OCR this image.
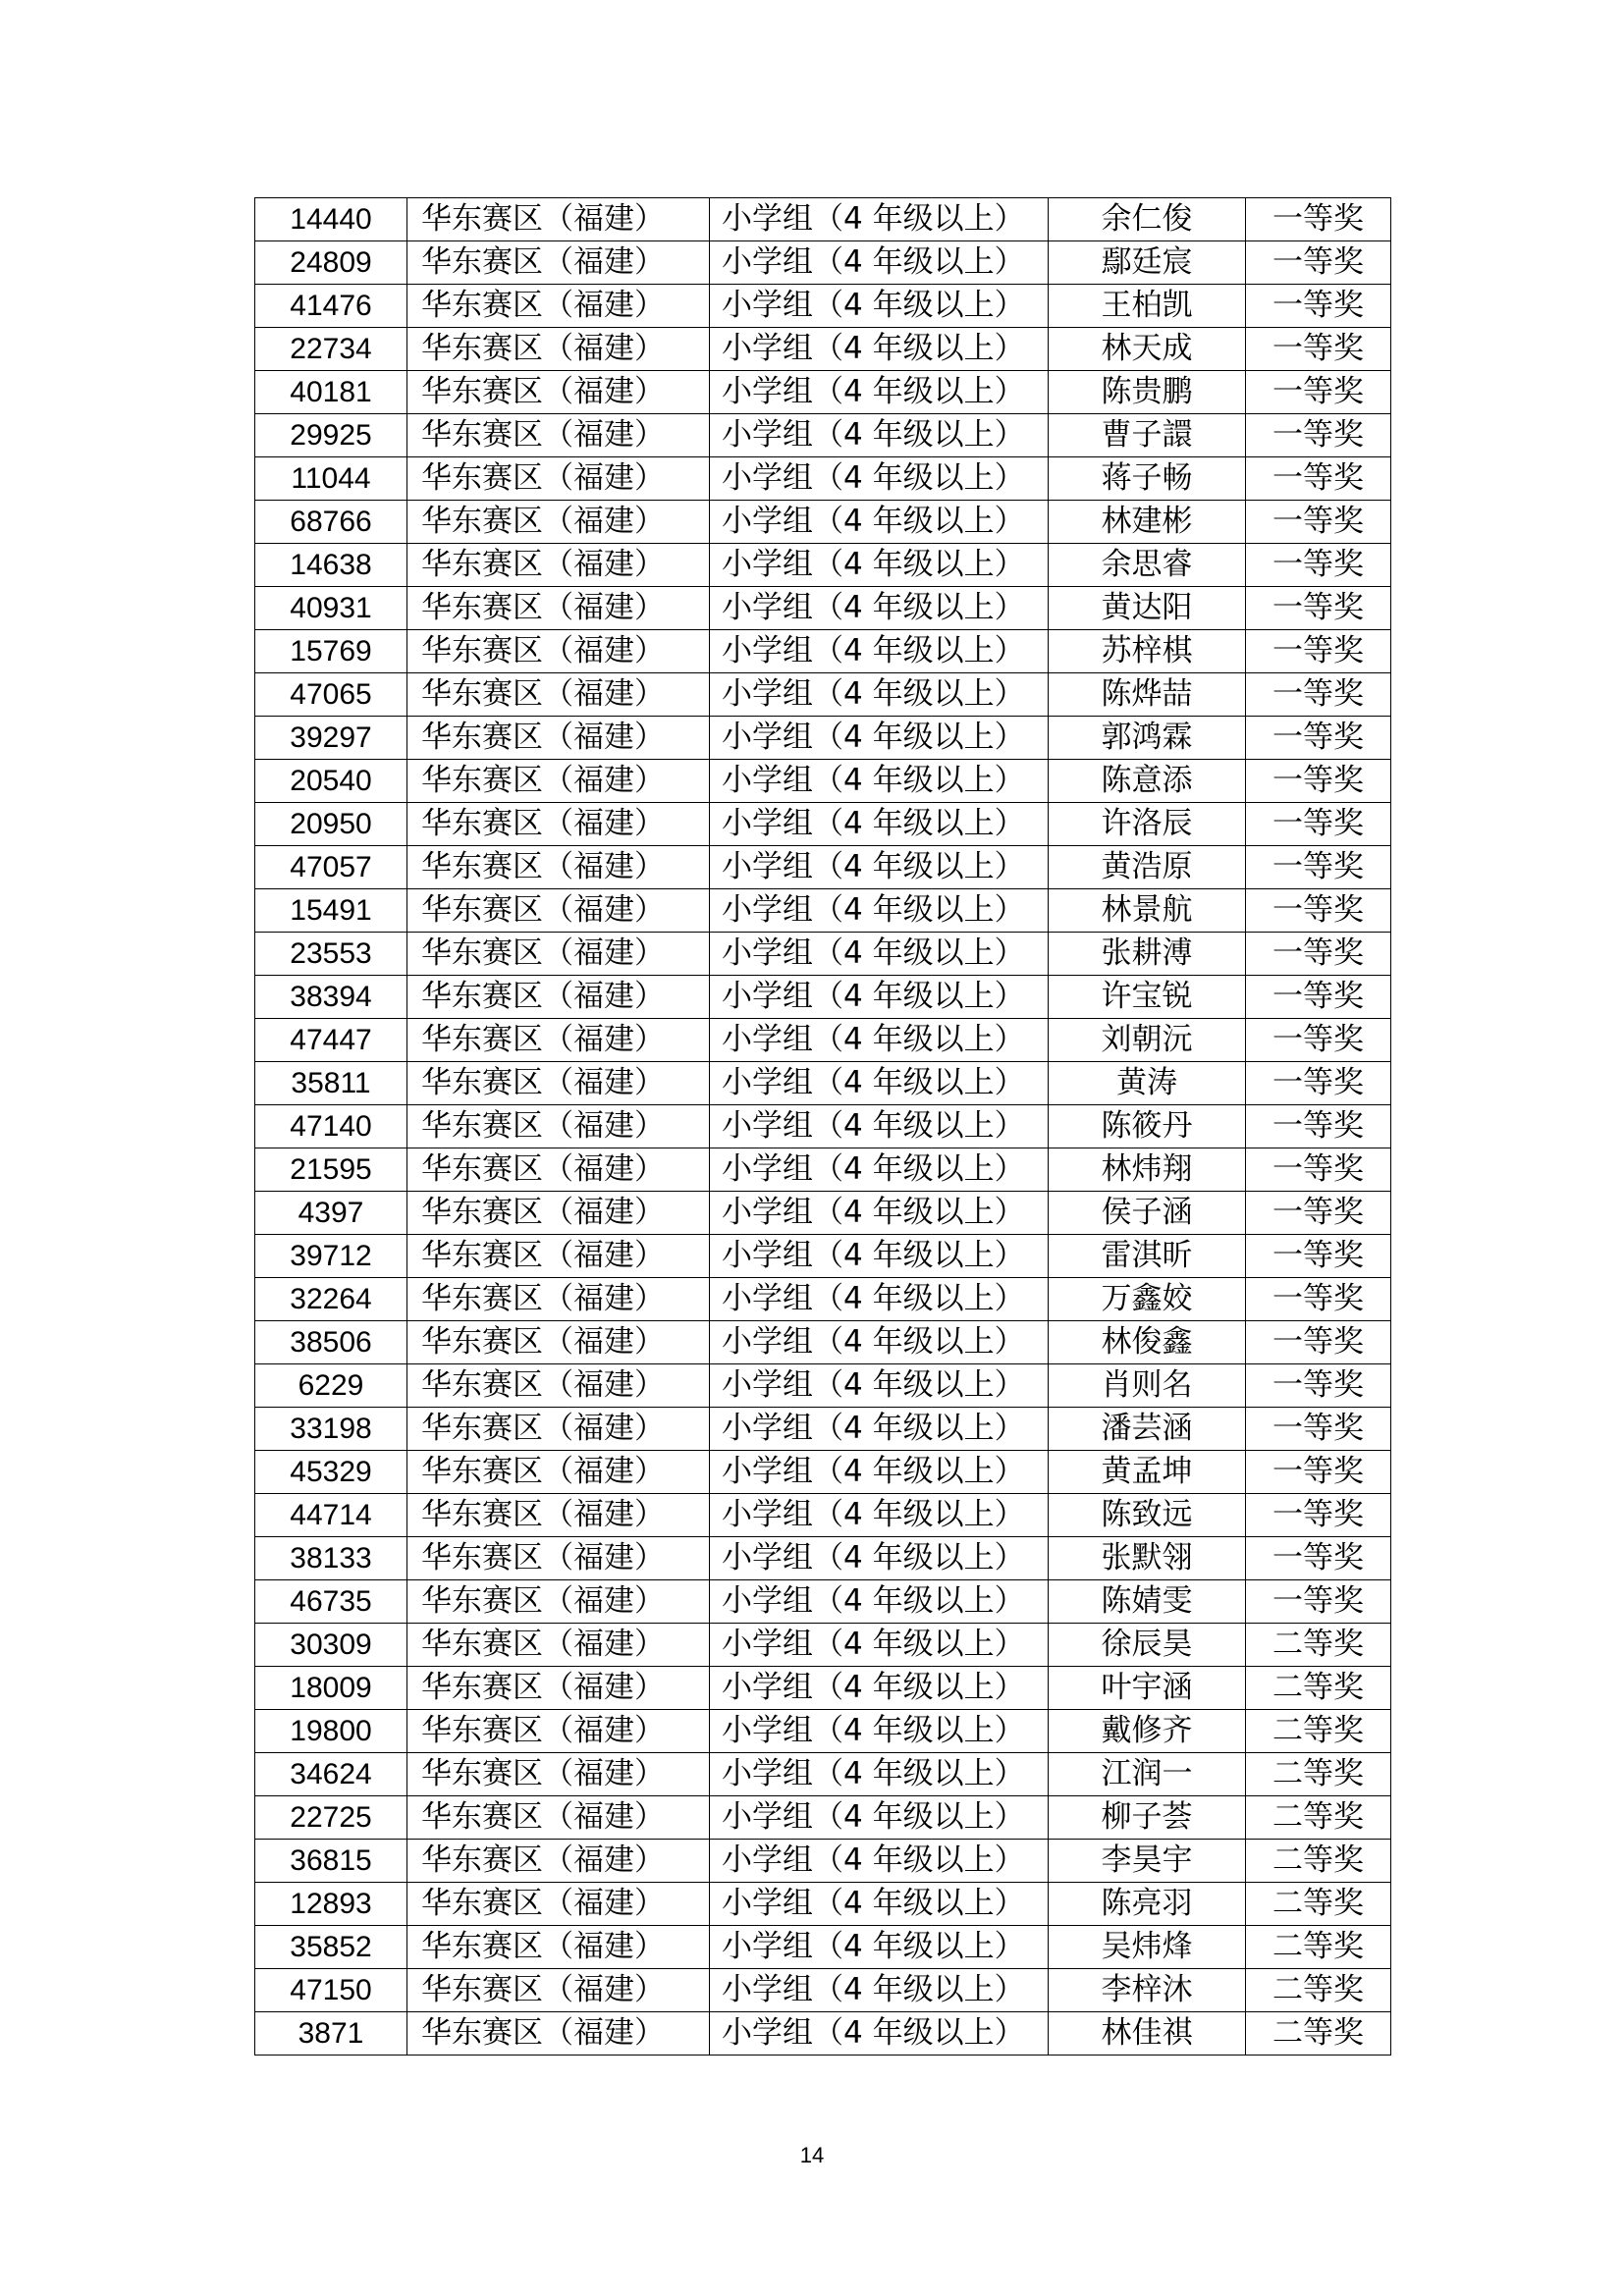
14440	华东赛区（福建）	小学组（4 年级以上）	余仁俊	一等奖
24809	华东赛区（福建）	小学组（4 年级以上）	鄢廷宸	一等奖
41476	华东赛区（福建）	小学组（4 年级以上）	王柏凯	一等奖
22734	华东赛区（福建）	小学组（4 年级以上）	林天成	一等奖
40181	华东赛区（福建）	小学组（4 年级以上）	陈贵鹏	一等奖
29925	华东赛区（福建）	小学组（4 年级以上）	曹子譞	一等奖
11044	华东赛区（福建）	小学组（4 年级以上）	蒋子畅	一等奖
68766	华东赛区（福建）	小学组（4 年级以上）	林建彬	一等奖
14638	华东赛区（福建）	小学组（4 年级以上）	余思睿	一等奖
40931	华东赛区（福建）	小学组（4 年级以上）	黄达阳	一等奖
15769	华东赛区（福建）	小学组（4 年级以上）	苏梓棋	一等奖
47065	华东赛区（福建）	小学组（4 年级以上）	陈烨喆	一等奖
39297	华东赛区（福建）	小学组（4 年级以上）	郭鸿霖	一等奖
20540	华东赛区（福建）	小学组（4 年级以上）	陈意添	一等奖
20950	华东赛区（福建）	小学组（4 年级以上）	许洛辰	一等奖
47057	华东赛区（福建）	小学组（4 年级以上）	黄浩原	一等奖
15491	华东赛区（福建）	小学组（4 年级以上）	林景航	一等奖
23553	华东赛区（福建）	小学组（4 年级以上）	张耕溥	一等奖
38394	华东赛区（福建）	小学组（4 年级以上）	许宝锐	一等奖
47447	华东赛区（福建）	小学组（4 年级以上）	刘朝沅	一等奖
35811	华东赛区（福建）	小学组（4 年级以上）	黄涛	一等奖
47140	华东赛区（福建）	小学组（4 年级以上）	陈筱丹	一等奖
21595	华东赛区（福建）	小学组（4 年级以上）	林炜翔	一等奖
4397	华东赛区（福建）	小学组（4 年级以上）	侯子涵	一等奖
39712	华东赛区（福建）	小学组（4 年级以上）	雷淇昕	一等奖
32264	华东赛区（福建）	小学组（4 年级以上）	万鑫姣	一等奖
38506	华东赛区（福建）	小学组（4 年级以上）	林俊鑫	一等奖
6229	华东赛区（福建）	小学组（4 年级以上）	肖则名	一等奖
33198	华东赛区（福建）	小学组（4 年级以上）	潘芸涵	一等奖
45329	华东赛区（福建）	小学组（4 年级以上）	黄孟坤	一等奖
44714	华东赛区（福建）	小学组（4 年级以上）	陈致远	一等奖
38133	华东赛区（福建）	小学组（4 年级以上）	张默翎	一等奖
46735	华东赛区（福建）	小学组（4 年级以上）	陈婧雯	一等奖
30309	华东赛区（福建）	小学组（4 年级以上）	徐辰昊	二等奖
18009	华东赛区（福建）	小学组（4 年级以上）	叶宇涵	二等奖
19800	华东赛区（福建）	小学组（4 年级以上）	戴修齐	二等奖
34624	华东赛区（福建）	小学组（4 年级以上）	江润一	二等奖
22725	华东赛区（福建）	小学组（4 年级以上）	柳子荟	二等奖
36815	华东赛区（福建）	小学组（4 年级以上）	李昊宇	二等奖
12893	华东赛区（福建）	小学组（4 年级以上）	陈亮羽	二等奖
35852	华东赛区（福建）	小学组（4 年级以上）	吴炜烽	二等奖
47150	华东赛区（福建）	小学组（4 年级以上）	李梓沐	二等奖
3871	华东赛区（福建）	小学组（4 年级以上）	林佳祺	二等奖
14
